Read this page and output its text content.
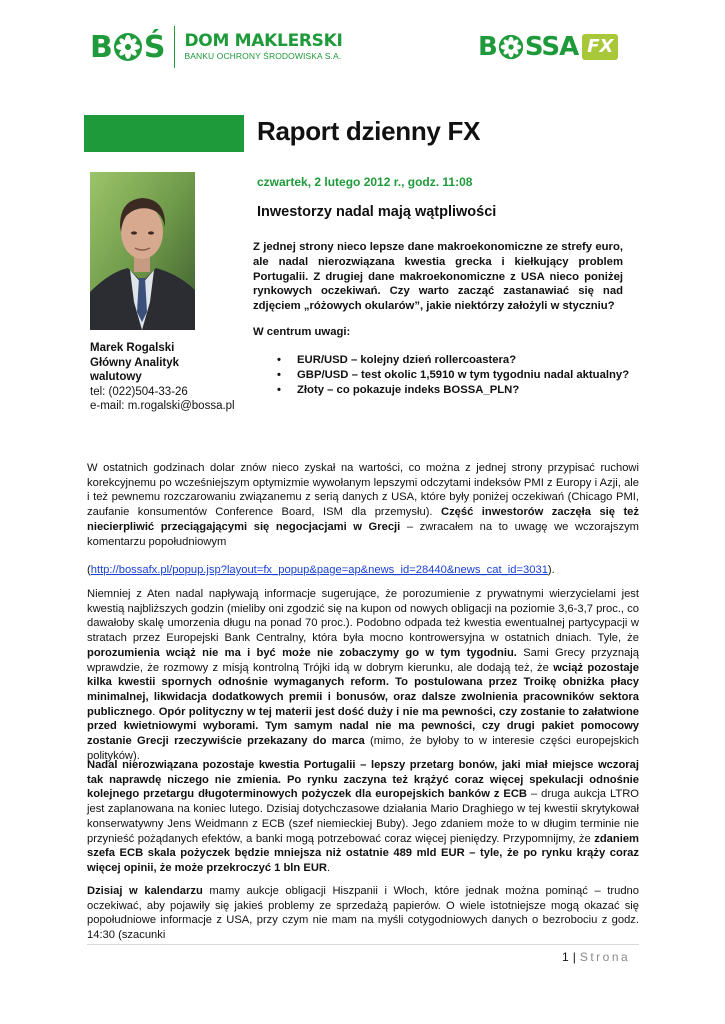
B Ś DOM MAKLERSKI
BANKU OCHRONY ŚRODOWISKA S.A.	B SSA FX
Raport dzienny FX
Marek Rogalski
Główny Analityk
walutowy
tel: (022)504-33-26
e-mail: m.rogalski@bossa.pl
czwartek, 2 lutego 2012 r., godz. 11:08
Inwestorzy nadal mają wątpliwości

Z jednej strony nieco lepsze dane makroekonomiczne ze strefy euro, ale nadal nierozwiązana kwestia grecka i kiełkujący problem Portugalii. Z drugiej dane makroekonomiczne z USA nieco poniżej rynkowych oczekiwań. Czy warto zacząć zastanawiać się nad zdjęciem „różowych okularów”, jakie niektórzy założyli w styczniu?

W centrum uwagi:
• EUR/USD – kolejny dzień rollercoastera?
• GBP/USD – test okolic 1,5910 w tym tygodniu nadal aktualny?
• Złoty – co pokazuje indeks BOSSA_PLN?

W ostatnich godzinach dolar znów nieco zyskał na wartości, co można z jednej strony przypisać ruchowi korekcyjnemu po wcześniejszym optymizmie wywołanym lepszymi odczytami indeksów PMI z Europy i Azji, ale i też pewnemu rozczarowaniu związanemu z serią danych z USA, które były poniżej oczekiwań (Chicago PMI, zaufanie konsumentów Conference Board, ISM dla przemysłu). Część inwestorów zaczęła się też niecierpliwić przeciągającymi się negocjacjami w Grecji – zwracałem na to uwagę we wczorajszym komentarzu popołudniowym

(http://bossafx.pl/popup.jsp?layout=fx_popup&page=ap&news_id=28440&news_cat_id=3031).

Niemniej z Aten nadal napływają informacje sugerujące, że porozumienie z prywatnymi wierzycielami jest kwestią najbliższych godzin (mieliby oni zgodzić się na kupon od nowych obligacji na poziomie 3,6-3,7 proc., co dawałoby skalę umorzenia długu na ponad 70 proc.). Podobno odpada też kwestia ewentualnej partycypacji w stratach przez Europejski Bank Centralny, która była mocno kontrowersyjna w ostatnich dniach. Tyle, że porozumienia wciąż nie ma i być może nie zobaczymy go w tym tygodniu. Sami Grecy przyznają wprawdzie, że rozmowy z misją kontrolną Trójki idą w dobrym kierunku, ale dodają też, że wciąż pozostaje kilka kwestii spornych odnośnie wymaganych reform. To postulowana przez Troikę obniżka płacy minimalnej, likwidacja dodatkowych premii i bonusów, oraz dalsze zwolnienia pracowników sektora publicznego. Opór polityczny w tej materii jest dość duży i nie ma pewności, czy zostanie to załatwione przed kwietniowymi wyborami. Tym samym nadal nie ma pewności, czy drugi pakiet pomocowy zostanie Grecji rzeczywiście przekazany do marca (mimo, że byłoby to w interesie części europejskich polityków).

Nadal nierozwiązana pozostaje kwestia Portugalii – lepszy przetarg bonów, jaki miał miejsce wczoraj tak naprawdę niczego nie zmienia. Po rynku zaczyna też krążyć coraz więcej spekulacji odnośnie kolejnego przetargu długoterminowych pożyczek dla europejskich banków z ECB – druga aukcja LTRO jest zaplanowana na koniec lutego. Dzisiaj dotychczasowe działania Mario Draghiego w tej kwestii skrytykował konserwatywny Jens Weidmann z ECB (szef niemieckiej Buby). Jego zdaniem może to w długim terminie nie przynieść pożądanych efektów, a banki mogą potrzebować coraz więcej pieniędzy. Przypomnijmy, że zdaniem szefa ECB skala pożyczek będzie mniejsza niż ostatnie 489 mld EUR – tyle, że po rynku krąży coraz więcej opinii, że może przekroczyć 1 bln EUR.

Dzisiaj w kalendarzu mamy aukcje obligacji Hiszpanii i Włoch, które jednak można pominąć – trudno oczekiwać, aby pojawiły się jakieś problemy ze sprzedażą papierów. O wiele istotniejsze mogą okazać się popołudniowe informacje z USA, przy czym nie mam na myśli cotygodniowych danych o bezrobociu z godz. 14:30 (szacunki

1 | Strona
